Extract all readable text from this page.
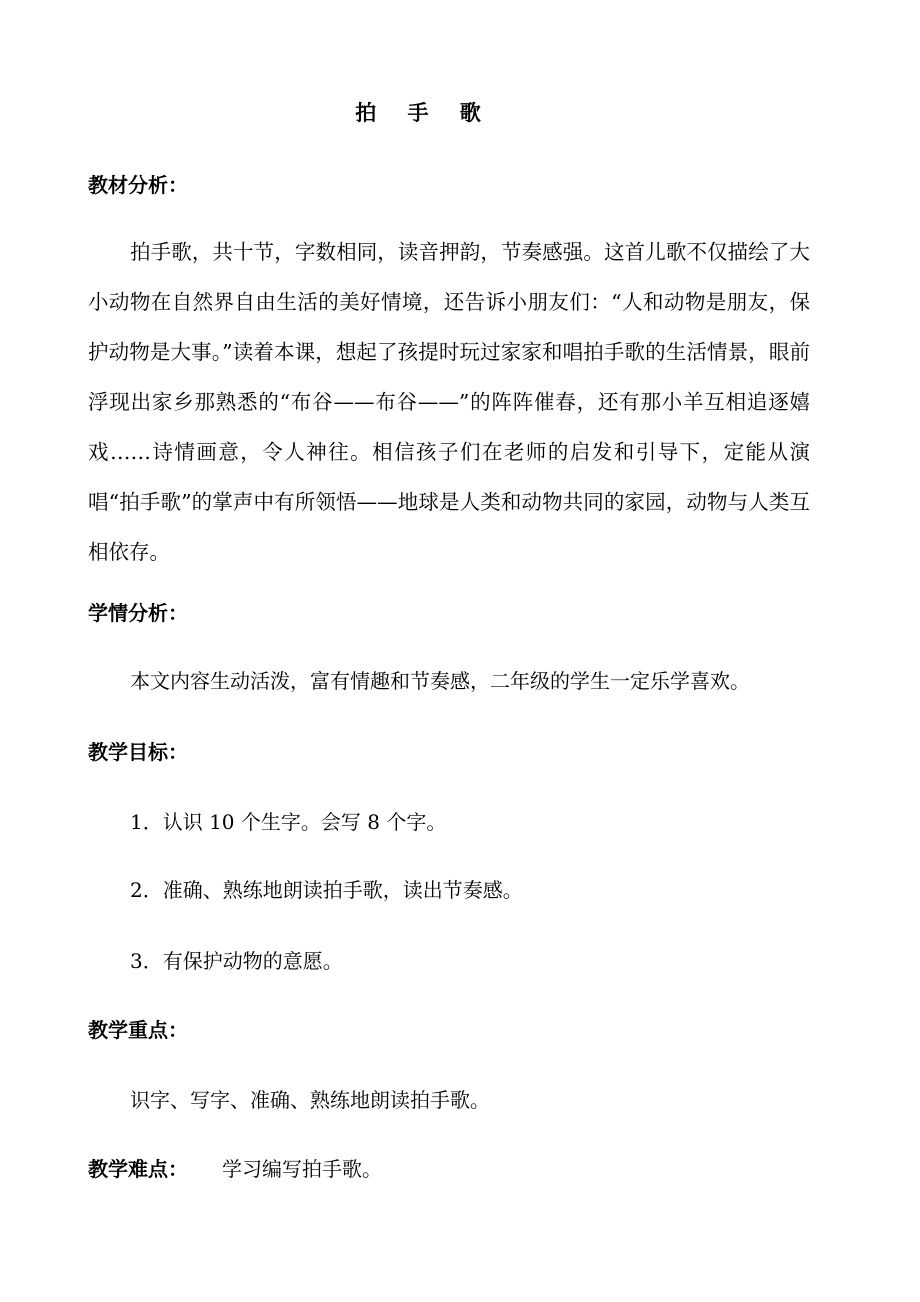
拍 手 歌
教材分析：
拍手歌，共十节，字数相同，读音押韵，节奏感强。这首儿歌不仅描绘了大小动物在自然界自由生活的美好情境，还告诉小朋友们：“人和动物是朋友，保护动物是大事。”读着本课，想起了孩提时玩过家家和唱拍手歌的生活情景，眼前浮现出家乡那熟悉的“布谷——布谷——”的阵阵催春，还有那小羊互相追逐嬉戏……诗情画意，令人神往。相信孩子们在老师的启发和引导下，定能从演唱“拍手歌”的掌声中有所领悟——地球是人类和动物共同的家园，动物与人类互相依存。
学情分析：
本文内容生动活泼，富有情趣和节奏感，二年级的学生一定乐学喜欢。
教学目标：
1．认识 10 个生字。会写 8 个字。
2．准确、熟练地朗读拍手歌，读出节奏感。
3．有保护动物的意愿。
教学重点：
识字、写字、准确、熟练地朗读拍手歌。
教学难点： 学习编写拍手歌。
